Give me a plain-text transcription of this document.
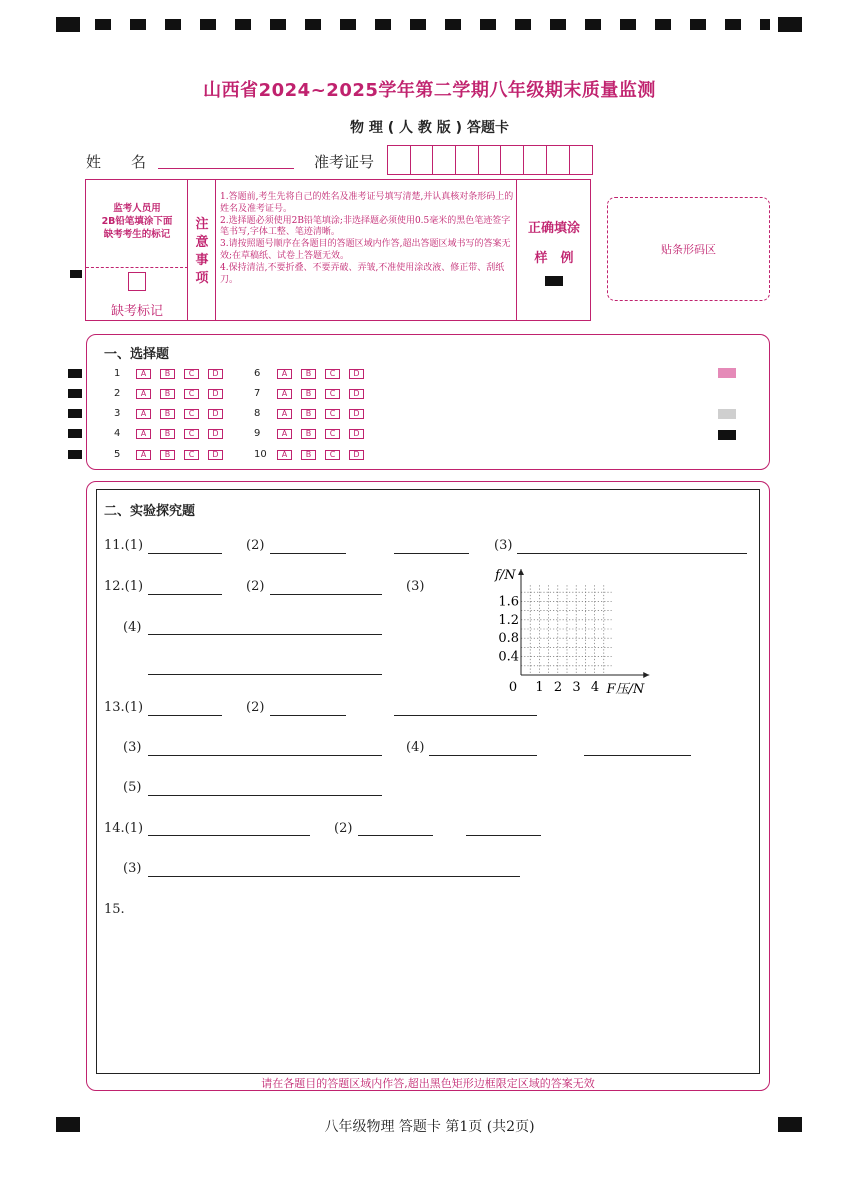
山西省2024~2025学年第二学期八年级期末质量监测
物 理 ( 人 教 版 ) 答题卡
姓　　名	准考证号
监考人员用
2B铅笔填涂下面
缺考考生的标记
缺考标记
注
意
事
项
1.答题前,考生先将自己的姓名及准考证号填写清楚,并认真核对条形码上的姓名及准考证号。
2.选择题必须使用2B铅笔填涂;非选择题必须使用0.5毫米的黑色笔迹签字笔书写,字体工整、笔迹清晰。
3.请按照题号顺序在各题目的答题区域内作答,超出答题区域书写的答案无效;在草稿纸、试卷上答题无效。
4.保持清洁,不要折叠、不要弄破、弄皱,不准使用涂改液、修正带、刮纸刀。
正确填涂
样　例
贴条形码区
一、选择题
1	A	B	C	D
2	A	B	C	D
3	A	B	C	D
4	A	B	C	D
5	A	B	C	D
6	A	B	C	D
7	A	B	C	D
8	A	B	C	D
9	A	B	C	D
10	A	B	C	D
二、实验探究题
11.(1)	(2)	(3)
12.(1)	(2)	(3)
(4)
0 1 2 3 4
0.4
0.8
1.2
1.6
f/N
F压/N
13.(1)	(2)
(3)	(4)
(5)
14.(1)	(2)
(3)
15.
请在各题目的答题区域内作答,超出黑色矩形边框限定区域的答案无效
八年级物理 答题卡 第1页 (共2页)
